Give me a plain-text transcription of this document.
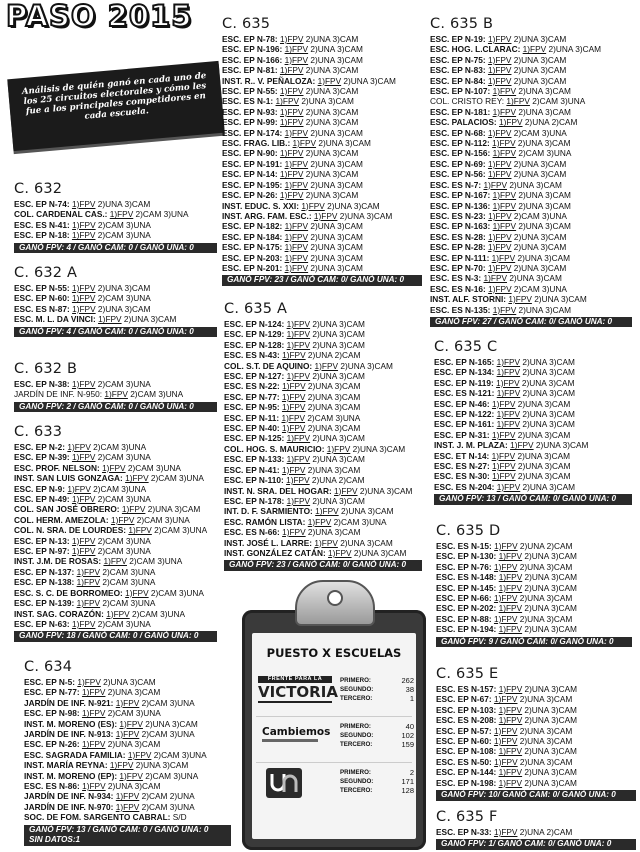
PASO 2015
Análisis de quién ganó en cada uno de los 25 circuitos electorales y cómo les fue a los principales competidores en cada escuela.
C. 632
ESC. EP N-74: 1)FPV 2)UNA 3)CAM
COL. CARDENAL CAS.: 1)FPV 2)CAM 3)UNA
ESC. ES N-41: 1)FPV 2)CAM 3)UNA
ESC. EP N-18: 1)FPV 2)CAM 3)UNA
GANÓ FPV: 4 / GANÓ CAM: 0 / GANÓ UNA: 0
C. 632 A
ESC. EP N-55: 1)FPV 2)UNA 3)CAM
ESC. EP N-60: 1)FPV 2)CAM 3)UNA
ESC. ES N-87: 1)FPV 2)UNA 3)CAM
ESC. M. L. DA VINCI: 1)FPV 2)UNA 3)CAM
GANÓ FPV: 4 / GANÓ CAM: 0 / GANÓ UNA: 0
C. 632 B
ESC. EP N-38: 1)FPV 2)CAM 3)UNA
JARDÍN DE INF. N-950: 1)FPV 2)CAM 3)UNA
GANÓ FPV: 2 / GANÓ CAM: 0 / GANÓ UNA: 0
C. 633
ESC. EP N-2: 1)FPV 2)CAM 3)UNA
ESC. EP N-39: 1)FPV 2)CAM 3)UNA
ESC. PROF. NELSON: 1)FPV 2)CAM 3)UNA
INST. SAN LUIS GONZAGA: 1)FPV 2)CAM 3)UNA
ESC. EP N-9: 1)FPV 2)CAM 3)UNA
ESC. EP N-49: 1)FPV 2)CAM 3)UNA
COL. SAN JOSÉ OBRERO: 1)FPV 2)UNA 3)CAM
COL. HERM. AMEZOLA: 1)FPV 2)CAM 3)UNA
COL. N. SRA. DE LOURDES: 1)FPV 2)CAM 3)UNA
ESC. EP N-13: 1)FPV 2)CAM 3)UNA
ESC. EP N-97: 1)FPV 2)CAM 3)UNA
INST. J.M. DE ROSAS: 1)FPV 2)CAM 3)UNA
ESC. EP N-137: 1)FPV 2)CAM 3)UNA
ESC. EP N-138: 1)FPV 2)CAM 3)UNA
ESC. S. C. DE BORROMEO: 1)FPV 2)CAM 3)UNA
ESC. EP N-139: 1)FPV 2)CAM 3)UNA
INST. SAG. CORAZÓN: 1)FPV 2)CAM 3)UNA
ESC. EP N-63: 1)FPV 2)CAM 3)UNA
GANÓ FPV: 18 / GANÓ CAM: 0 / GANÓ UNA: 0
C. 634
ESC. EP N-5: 1)FPV 2)UNA 3)CAM
ESC. EP N-77: 1)FPV 2)UNA 3)CAM
JARDÍN DE INF. N-921: 1)FPV 2)CAM 3)UNA
ESC. EP N-98: 1)FPV 2)CAM 3)UNA
INST. M. MORENO (ES): 1)FPV 2)UNA 3)CAM
JARDÍN DE INF. N-913: 1)FPV 2)CAM 3)UNA
ESC. EP N-26: 1)FPV 2)UNA 3)CAM
ESC. SAGRADA FAMILIA: 1)FPV 2)CAM 3)UNA
INST. MARÍA REYNA: 1)FPV 2)UNA 3)CAM
INST. M. MORENO (EP): 1)FPV 2)CAM 3)UNA
ESC. ES N-86: 1)FPV 2)UNA 3)CAM
JARDÍN DE INF. N-934: 1)FPV 2)CAM 2)UNA
JARDÍN DE INF. N-970: 1)FPV 2)CAM 3)UNA
SOC. DE FOM. SARGENTO CABRAL: S/D
GANÓ FPV: 13 / GANÓ CAM: 0 / GANÓ UNA: 0
SIN DATOS:1
C. 635
ESC. EP N-78: 1)FPV 2)UNA 3)CAM
ESC. EP N-196: 1)FPV 2)UNA 3)CAM
ESC. EP N-166: 1)FPV 2)UNA 3)CAM
ESC. EP N-81: 1)FPV 2)UNA 3)CAM
INST. R.. V. PEÑALOZA: 1)FPV 2)UNA 3)CAM
ESC. EP N-55: 1)FPV 2)UNA 3)CAM
ESC. ES N-1: 1)FPV 2)UNA 3)CAM
ESC. EP N-93: 1)FPV 2)UNA 3)CAM
ESC. EP N-99: 1)FPV 2)UNA 3)CAM
ESC. EP N-174: 1)FPV 2)UNA 3)CAM
ESC. FRAG. LIB.: 1)FPV 2)UNA 3)CAM
ESC. EP N-90: 1)FPV 2)UNA 3)CAM
ESC. EP N-191: 1)FPV 2)UNA 3)CAM
ESC. EP N-14: 1)FPV 2)UNA 3)CAM
ESC. EP N-195: 1)FPV 2)UNA 3)CAM
ESC. EP N-26: 1)FPV 2)UNA 3)CAM
INST. EDUC. S. XXI: 1)FPV 2)UNA 3)CAM
INST. ARG. FAM. ESC.: 1)FPV 2)UNA 3)CAM
ESC. EP N-182: 1)FPV 2)UNA 3)CAM
ESC. EP N-184: 1)FPV 2)UNA 3)CAM
ESC. EP N-175: 1)FPV 2)UNA 3)CAM
ESC. EP N-203: 1)FPV 2)UNA 3)CAM
ESC. EP N-201: 1)FPV 2)UNA 3)CAM
GANÓ FPV: 23 / GANÓ CAM: 0/ GANÓ UNA: 0
C. 635 A
ESC. EP N-124: 1)FPV 2)UNA 3)CAM
ESC. EP N-129: 1)FPV 2)UNA 3)CAM
ESC. EP N-128: 1)FPV 2)UNA 3)CAM
ESC. ES N-43: 1)FPV 2)UNA 2)CAM
COL. S.T. DE AQUINO: 1)FPV 2)UNA 3)CAM
ESC. EP N-127: 1)FPV 2)UNA 3)CAM
ESC. ES N-22: 1)FPV 2)UNA 3)CAM
ESC. EP N-77: 1)FPV 2)UNA 3)CAM
ESC. EP N-95: 1)FPV 2)UNA 3)CAM
ESC. EP N-11: 1)FPV 2)CAM 3)UNA
ESC. EP N-40: 1)FPV 2)UNA 3)CAM
ESC. EP N-125: 1)FPV 2)UNA 3)CAM
COL. HOG. S. MAURICIO: 1)FPV 2)UNA 3)CAM
ESC. EP N-133: 1)FPV 2)UNA 3)CAM
ESC. EP N-41: 1)FPV 2)UNA 3)CAM
ESC. EP N-110: 1)FPV 2)UNA 2)CAM
INST. N. SRA. DEL HOGAR: 1)FPV 2)UNA 3)CAM
ESC. EP N-178: 1)FPV 2)UNA 3)CAM
INT. D. F. SARMIENTO: 1)FPV 2)UNA 3)CAM
ESC. RAMÓN LISTA: 1)FPV 2)CAM 3)UNA
ESC. ES N-66: 1)FPV 2)UNA 3)CAM
INST. JOSÉ L. LARRE: 1)FPV 2)UNA 3)CAM
INST. GONZÁLEZ CATÁN: 1)FPV 2)UNA 3)CAM
GANÓ FPV: 23 / GANÓ CAM: 0/ GANÓ UNA: 0
C. 635 B
ESC. EP N-19: 1)FPV 2)UNA 3)CAM
ESC. HOG. L.CLARAC: 1)FPV 2)UNA 3)CAM
ESC. EP N-75: 1)FPV 2)UNA 3)CAM
ESC. EP N-83: 1)FPV 2)UNA 3)CAM
ESC. EP N-84: 1)FPV 2)UNA 3)CAM
ESC. EP N-107: 1)FPV 2)UNA 3)CAM
COL. CRISTO REY: 1)FPV 2)CAM 3)UNA
ESC. EP N-181: 1)FPV 2)UNA 3)CAM
ESC. PALACIOS: 1)FPV 2)UNA 2)CAM
ESC. EP N-68: 1)FPV 2)CAM 3)UNA
ESC. EP N-112: 1)FPV 2)UNA 3)CAM
ESC. EP N-156: 1)FPV 2)CAM 3)UNA
ESC. EP N-69: 1)FPV 2)UNA 3)CAM
ESC. EP N-56: 1)FPV 2)UNA 3)CAM
ESC. ES N-7: 1)FPV 2)UNA 3)CAM
ESC. EP N-167: 1)FPV 2)UNA 3)CAM
ESC. EP N-136: 1)FPV 2)UNA 3)CAM
ESC. ES N-23: 1)FPV 2)CAM 3)UNA
ESC. EP N-163: 1)FPV 2)UNA 3)CAM
ESC. ES N-28: 1)FPV 2)UNA 3)CAM
ESC. EP N-28: 1)FPV 2)UNA 3)CAM
ESC. EP N-111: 1)FPV 2)UNA 3)CAM
ESC. EP N-70: 1)FPV 2)UNA 3)CAM
ESC. ES N-3: 1)FPV 2)UNA 3)CAM
ESC. ES N-16: 1)FPV 2)CAM 3)UNA
INST. ALF. STORNI: 1)FPV 2)UNA 3)CAM
ESC. ES N-135: 1)FPV 2)UNA 3)CAM
GANÓ FPV: 27 / GANÓ CAM: 0/ GANÓ UNA: 0
C. 635 C
ESC. EP N-165: 1)FPV 2)UNA 3)CAM
ESC. EP N-134: 1)FPV 2)UNA 3)CAM
ESC. EP N-119: 1)FPV 2)UNA 3)CAM
ESC. ES N-121: 1)FPV 2)UNA 3)CAM
ESC. EP N-46: 1)FPV 2)UNA 3)CAM
ESC. EP N-122: 1)FPV 2)UNA 3)CAM
ESC. EP N-161: 1)FPV 2)UNA 3)CAM
ESC. EP N-31: 1)FPV 2)UNA 3)CAM
INST. J. M. PLAZA: 1)FPV 2)UNA 3)CAM
ESC. ET N-14: 1)FPV 2)UNA 3)CAM
ESC. ES N-27: 1)FPV 2)UNA 3)CAM
ESC. ES N-30: 1)FPV 2)UNA 3)CAM
ESC. ES N-204: 1)FPV 2)UNA 3)CAM
GANÓ FPV: 13 / GANÓ CAM: 0/ GANÓ UNA: 0
C. 635 D
ESC. ES N-15: 1)FPV 2)UNA 2)CAM
ESC. EP N-130: 1)FPV 2)UNA 3)CAM
ESC. EP N-76: 1)FPV 2)UNA 3)CAM
ESC. ES N-148: 1)FPV 2)UNA 3)CAM
ESC. EP N-145: 1)FPV 2)UNA 3)CAM
ESC. EP N-66: 1)FPV 2)UNA 3)CAM
ESC. EP N-202: 1)FPV 2)UNA 3)CAM
ESC. EP N-88: 1)FPV 2)UNA 3)CAM
ESC. EP N-194: 1)FPV 2)UNA 3)CAM
GANÓ FPV: 9 / GANÓ CAM: 0/ GANÓ UNA: 0
C. 635 E
ESC. ES N-157: 1)FPV 2)UNA 3)CAM
ESC. EP N-67: 1)FPV 2)UNA 3)CAM
ESC. EP N-103: 1)FPV 2)UNA 3)CAM
ESC. ES N-208: 1)FPV 2)UNA 3)CAM
ESC. EP N-57: 1)FPV 2)UNA 3)CAM
ESC. EP N-60: 1)FPV 2)UNA 3)CAM
ESC. EP N-108: 1)FPV 2)UNA 3)CAM
ESC. ES N-50: 1)FPV 2)UNA 3)CAM
ESC. EP N-144: 1)FPV 2)UNA 3)CAM
ESC. EP N-198: 1)FPV 2)UNA 3)CAM
GANÓ FPV: 10/ GANÓ CAM: 0/ GANÓ UNA: 0
C. 635 F
ESC. EP N-33: 1)FPV 2)UNA 2)CAM
GANÓ FPV: 1/ GANÓ CAM: 0/ GANÓ UNA: 0
PUESTO X ESCUELAS
FRENTE PARA LA
VICTORIA
PRIMERO:	262
SEGUNDO:	38
TERCERO:	1
Cambiemos PRIMERO:	40
SEGUNDO:	102
TERCERO:	159
PRIMERO:	2
SEGUNDO:	171
TERCERO:	128
